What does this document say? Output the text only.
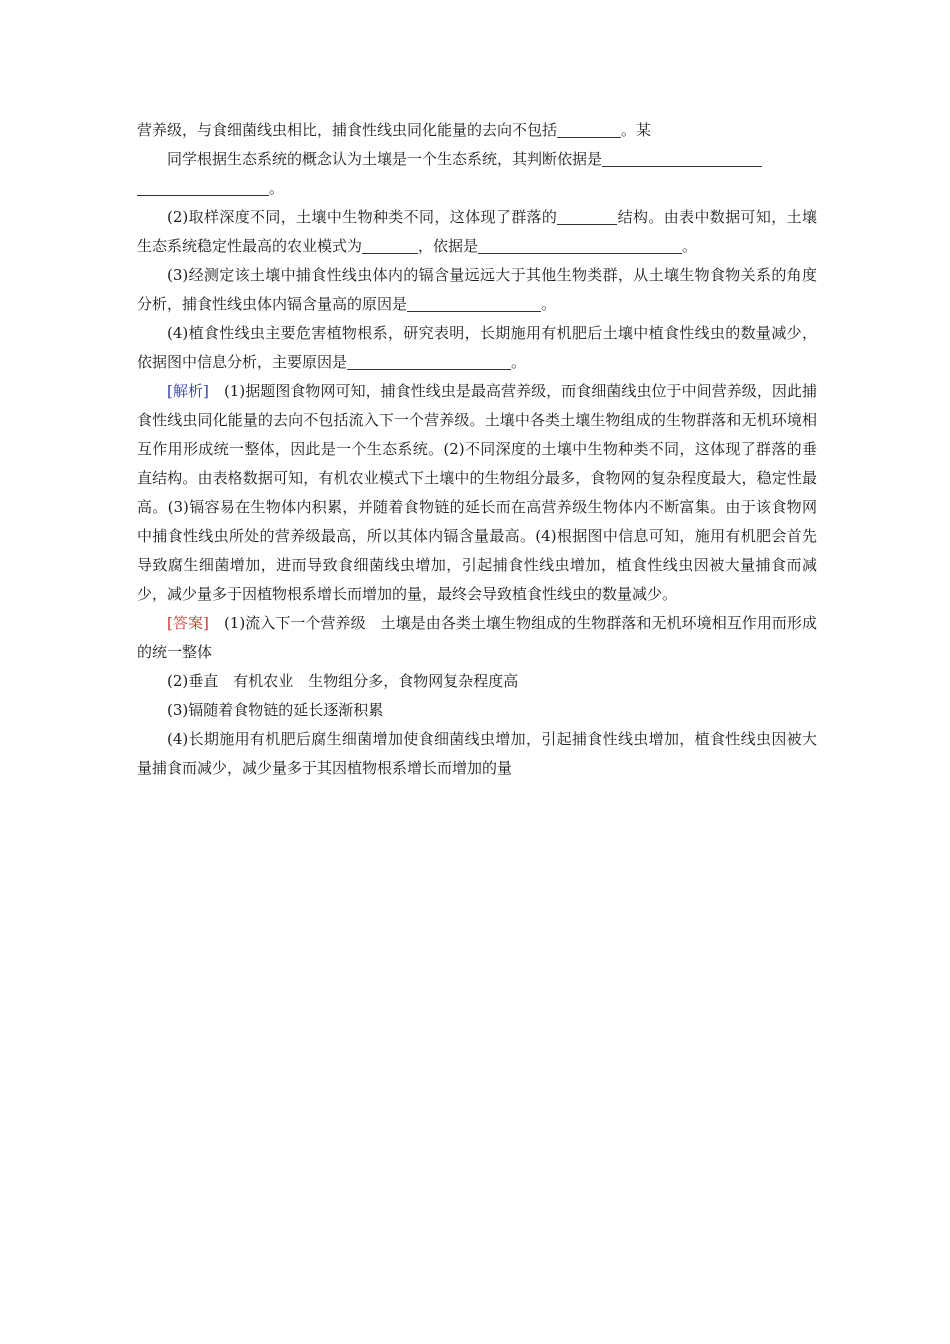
营养级，与食细菌线虫相比，捕食性线虫同化能量的去向不包括	。某

同学根据生态系统的概念认为土壤是一个生态系统，其判断依据是
。

(2)取样深度不同，土壤中生物种类不同，这体现了群落的	结构。由表中数据可知，土壤生态系统稳定性最高的农业模式为	，依据是	。

(3)经测定该土壤中捕食性线虫体内的镉含量远远大于其他生物类群，从土壤生物食物关系的角度分析，捕食性线虫体内镉含量高的原因是	。

(4)植食性线虫主要危害植物根系，研究表明，长期施用有机肥后土壤中植食性线虫的数量减少，依据图中信息分析，主要原因是	。

[解析]　 (1)据题图食物网可知，捕食性线虫是最高营养级，而食细菌线虫位于中间营养级，因此捕食性线虫同化能量的去向不包括流入下一个营养级。土壤中各类土壤生物组成的生物群落和无机环境相互作用形成统一整体，因此是一个生态系统。(2)不同深度的土壤中生物种类不同，这体现了群落的垂直结构。由表格数据可知，有机农业模式下土壤中的生物组分最多，食物网的复杂程度最大，稳定性最高。(3)镉容易在生物体内积累，并随着食物链的延长而在高营养级生物体内不断富集。由于该食物网中捕食性线虫所处的营养级最高，所以其体内镉含量最高。(4)根据图中信息可知，施用有机肥会首先导致腐生细菌增加，进而导致食细菌线虫增加，引起捕食性线虫增加，植食性线虫因被大量捕食而减少，减少量多于因植物根系增长而增加的量，最终会导致植食性线虫的数量减少。

[答案]　 (1)流入下一个营养级　土壤是由各类土壤生物组成的生物群落和无机环境相互作用而形成的统一整体

(2)垂直　有机农业　生物组分多，食物网复杂程度高

(3)镉随着食物链的延长逐渐积累

(4)长期施用有机肥后腐生细菌增加使食细菌线虫增加，引起捕食性线虫增加，植食性线虫因被大量捕食而减少，减少量多于其因植物根系增长而增加的量
